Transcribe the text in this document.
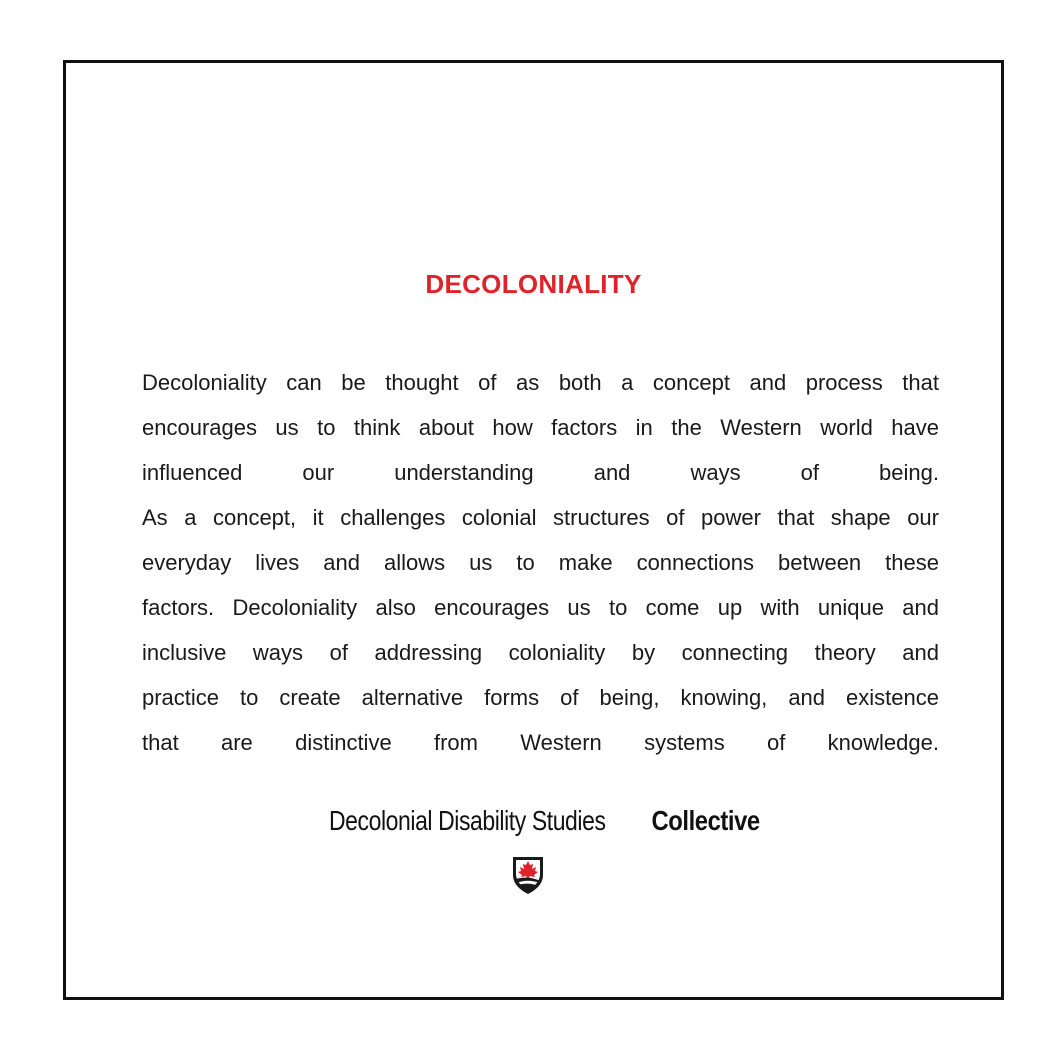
DECOLONIALITY
Decoloniality can be thought of as both a concept and process that
encourages us to think about how factors in the Western world have
influenced our understanding and ways of being.
As a concept, it challenges colonial structures of power that shape our
everyday lives and allows us to make connections between these
factors. Decoloniality also encourages us to come up with unique and
inclusive ways of addressing coloniality by connecting theory and
practice to create alternative forms of being, knowing, and existence
that are distinctive from Western systems of knowledge.
Decolonial Disability Studies Collective
